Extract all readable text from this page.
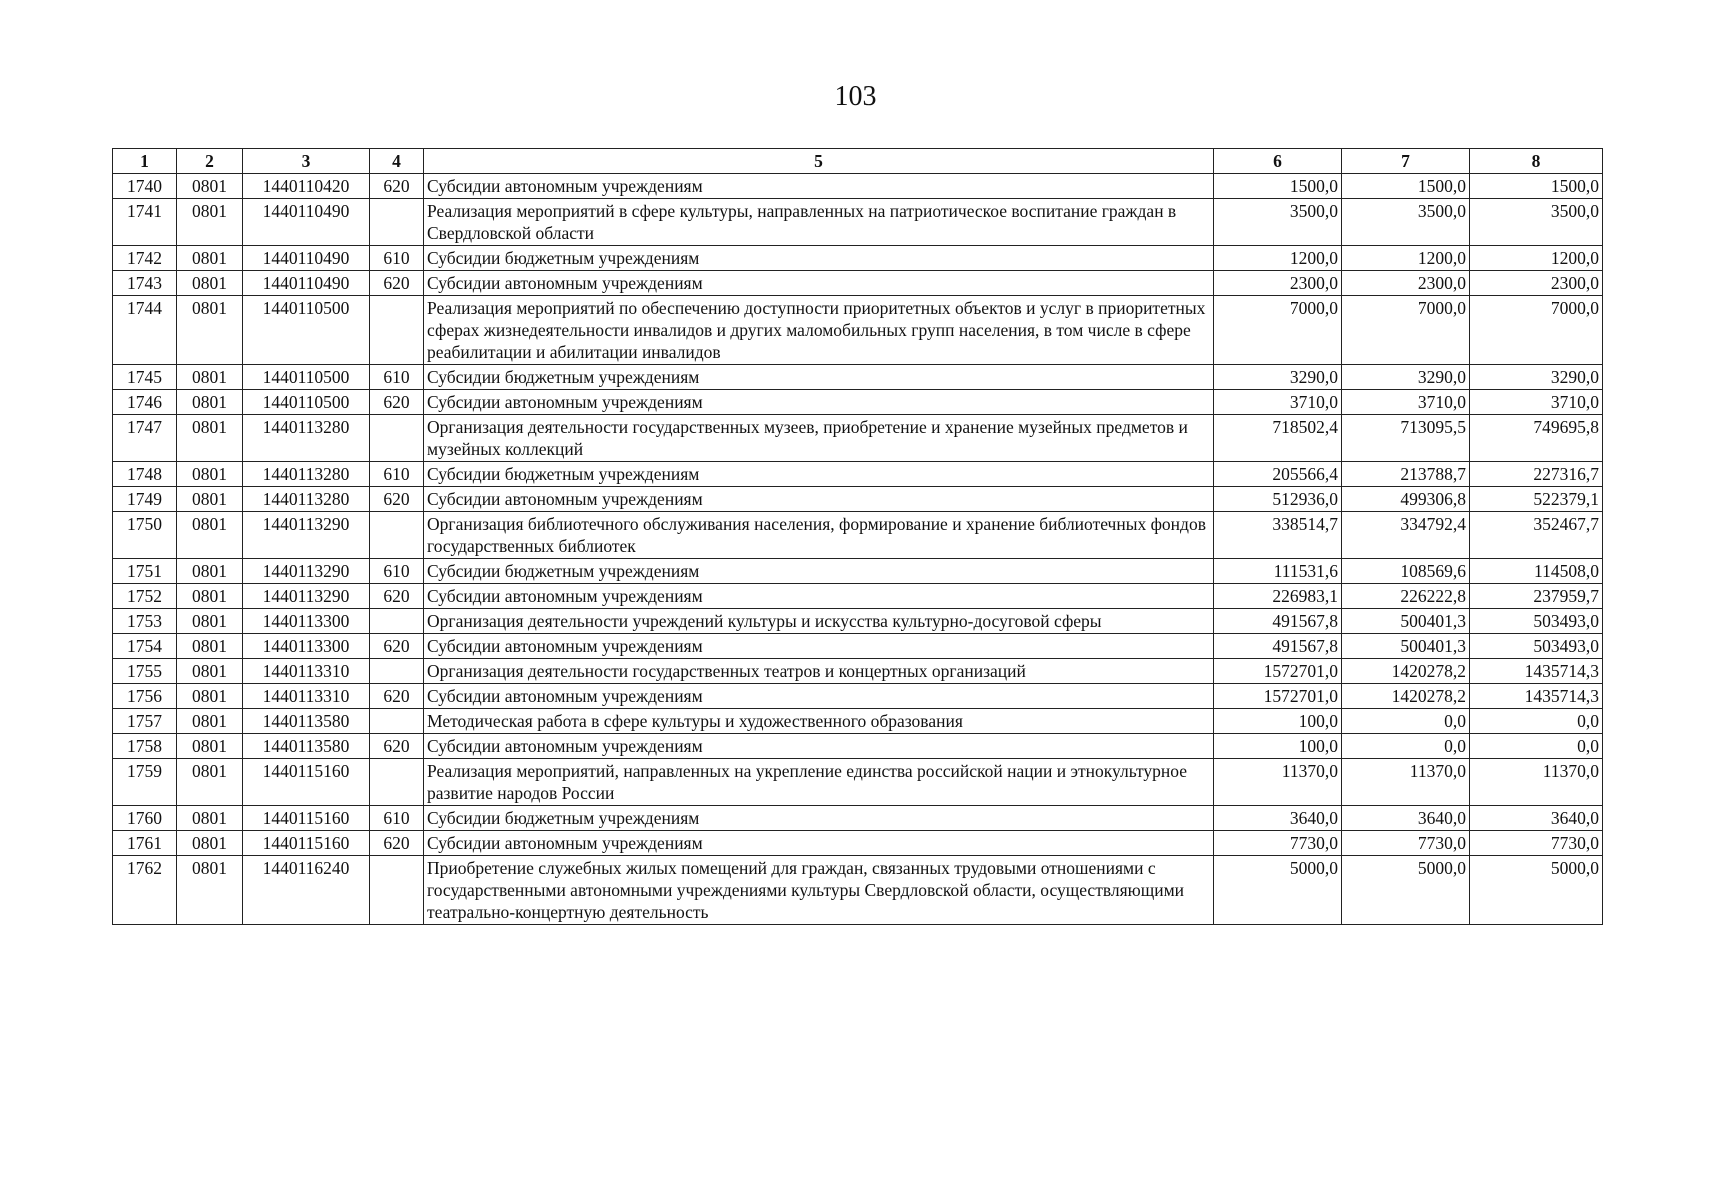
103
1	2	3	4	5	6	7	8
1740	0801	1440110420	620	Субсидии автономным учреждениям	1500,0	1500,0	1500,0
1741	0801	1440110490		Реализация мероприятий в сфере культуры, направленных на патриотическое воспитание граждан в Свердловской области	3500,0	3500,0	3500,0
1742	0801	1440110490	610	Субсидии бюджетным учреждениям	1200,0	1200,0	1200,0
1743	0801	1440110490	620	Субсидии автономным учреждениям	2300,0	2300,0	2300,0
1744	0801	1440110500		Реализация мероприятий по обеспечению доступности приоритетных объектов и услуг в приоритетных сферах жизнедеятельности инвалидов и других маломобильных групп населения, в том числе в сфере реабилитации и абилитации инвалидов	7000,0	7000,0	7000,0
1745	0801	1440110500	610	Субсидии бюджетным учреждениям	3290,0	3290,0	3290,0
1746	0801	1440110500	620	Субсидии автономным учреждениям	3710,0	3710,0	3710,0
1747	0801	1440113280		Организация деятельности государственных музеев, приобретение и хранение музейных предметов и музейных коллекций	718502,4	713095,5	749695,8
1748	0801	1440113280	610	Субсидии бюджетным учреждениям	205566,4	213788,7	227316,7
1749	0801	1440113280	620	Субсидии автономным учреждениям	512936,0	499306,8	522379,1
1750	0801	1440113290		Организация библиотечного обслуживания населения, формирование и хранение библиотечных фондов государственных библиотек	338514,7	334792,4	352467,7
1751	0801	1440113290	610	Субсидии бюджетным учреждениям	111531,6	108569,6	114508,0
1752	0801	1440113290	620	Субсидии автономным учреждениям	226983,1	226222,8	237959,7
1753	0801	1440113300		Организация деятельности учреждений культуры и искусства культурно-досуговой сферы	491567,8	500401,3	503493,0
1754	0801	1440113300	620	Субсидии автономным учреждениям	491567,8	500401,3	503493,0
1755	0801	1440113310		Организация деятельности государственных театров и концертных организаций	1572701,0	1420278,2	1435714,3
1756	0801	1440113310	620	Субсидии автономным учреждениям	1572701,0	1420278,2	1435714,3
1757	0801	1440113580		Методическая работа в сфере культуры и художественного образования	100,0	0,0	0,0
1758	0801	1440113580	620	Субсидии автономным учреждениям	100,0	0,0	0,0
1759	0801	1440115160		Реализация мероприятий, направленных на укрепление единства российской нации и этнокультурное развитие народов России	11370,0	11370,0	11370,0
1760	0801	1440115160	610	Субсидии бюджетным учреждениям	3640,0	3640,0	3640,0
1761	0801	1440115160	620	Субсидии автономным учреждениям	7730,0	7730,0	7730,0
1762	0801	1440116240		Приобретение служебных жилых помещений для граждан, связанных трудовыми отношениями с государственными автономными учреждениями культуры Свердловской области, осуществляющими театрально-концертную деятельность	5000,0	5000,0	5000,0
